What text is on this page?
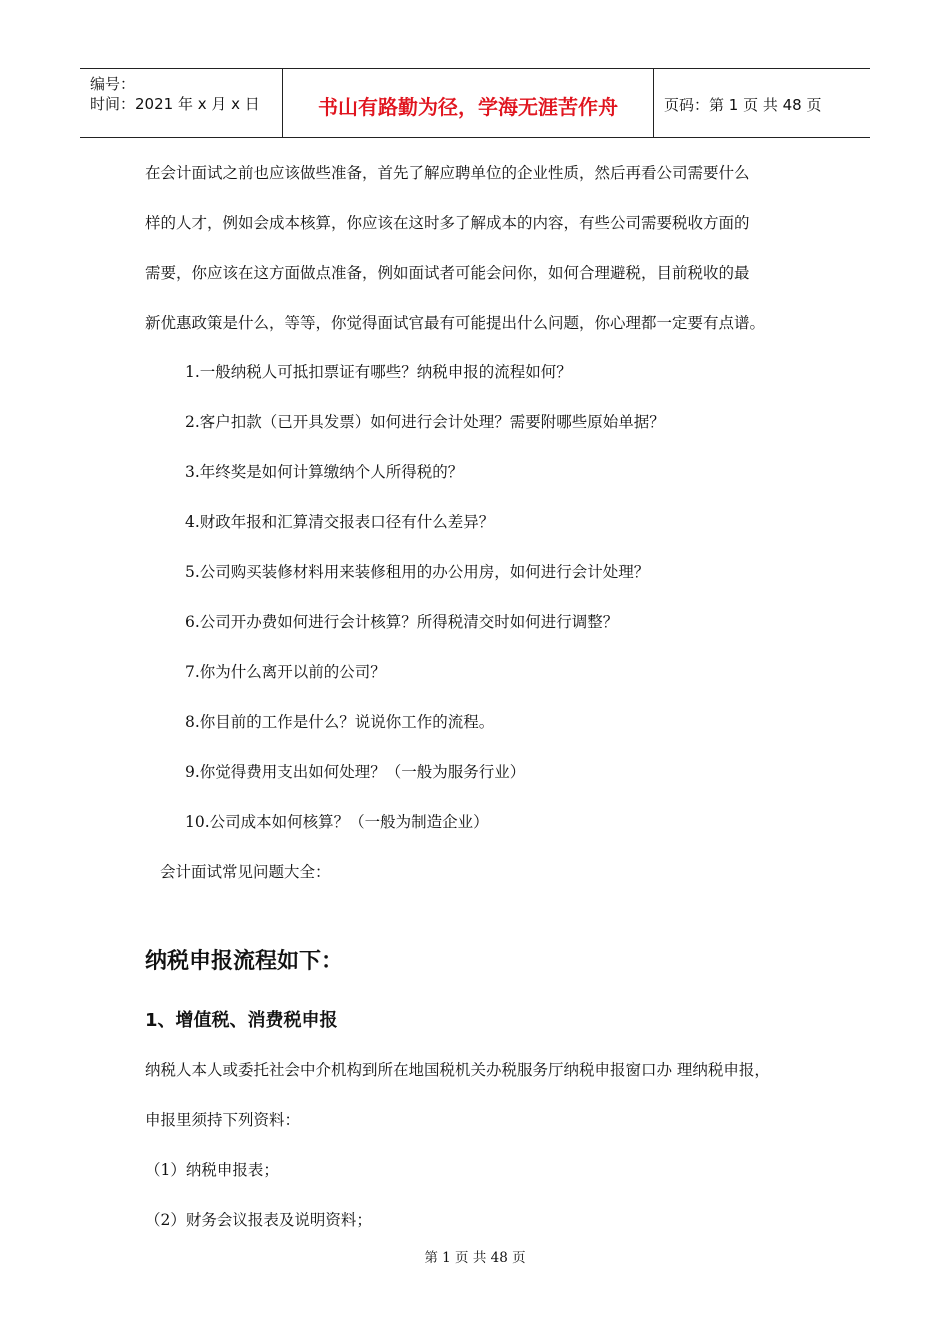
编号：
时间：2021 年 x 月 x 日	书山有路勤为径，学海无涯苦作舟	页码：第 1 页 共 48 页
在会计面试之前也应该做些准备，首先了解应聘单位的企业性质，然后再看公司需要什么
样的人才，例如会成本核算，你应该在这时多了解成本的内容，有些公司需要税收方面的
需要，你应该在这方面做点准备，例如面试者可能会问你，如何合理避税，目前税收的最
新优惠政策是什么，等等，你觉得面试官最有可能提出什么问题，你心理都一定要有点谱。
1.一般纳税人可抵扣票证有哪些？纳税申报的流程如何？
2.客户扣款（已开具发票）如何进行会计处理？需要附哪些原始单据？
3.年终奖是如何计算缴纳个人所得税的？
4.财政年报和汇算清交报表口径有什么差异？
5.公司购买装修材料用来装修租用的办公用房，如何进行会计处理？
6.公司开办费如何进行会计核算？所得税清交时如何进行调整？
7.你为什么离开以前的公司？
8.你目前的工作是什么？说说你工作的流程。
9.你觉得费用支出如何处理？（一般为服务行业）
10.公司成本如何核算？（一般为制造企业）
会计面试常见问题大全：
纳税申报流程如下：
1、增值税、消费税申报
纳税人本人或委托社会中介机构到所在地国税机关办税服务厅纳税申报窗口办 理纳税申报，
申报里须持下列资料：
（1）纳税申报表；
（2）财务会议报表及说明资料；
第 1 页 共 48 页
